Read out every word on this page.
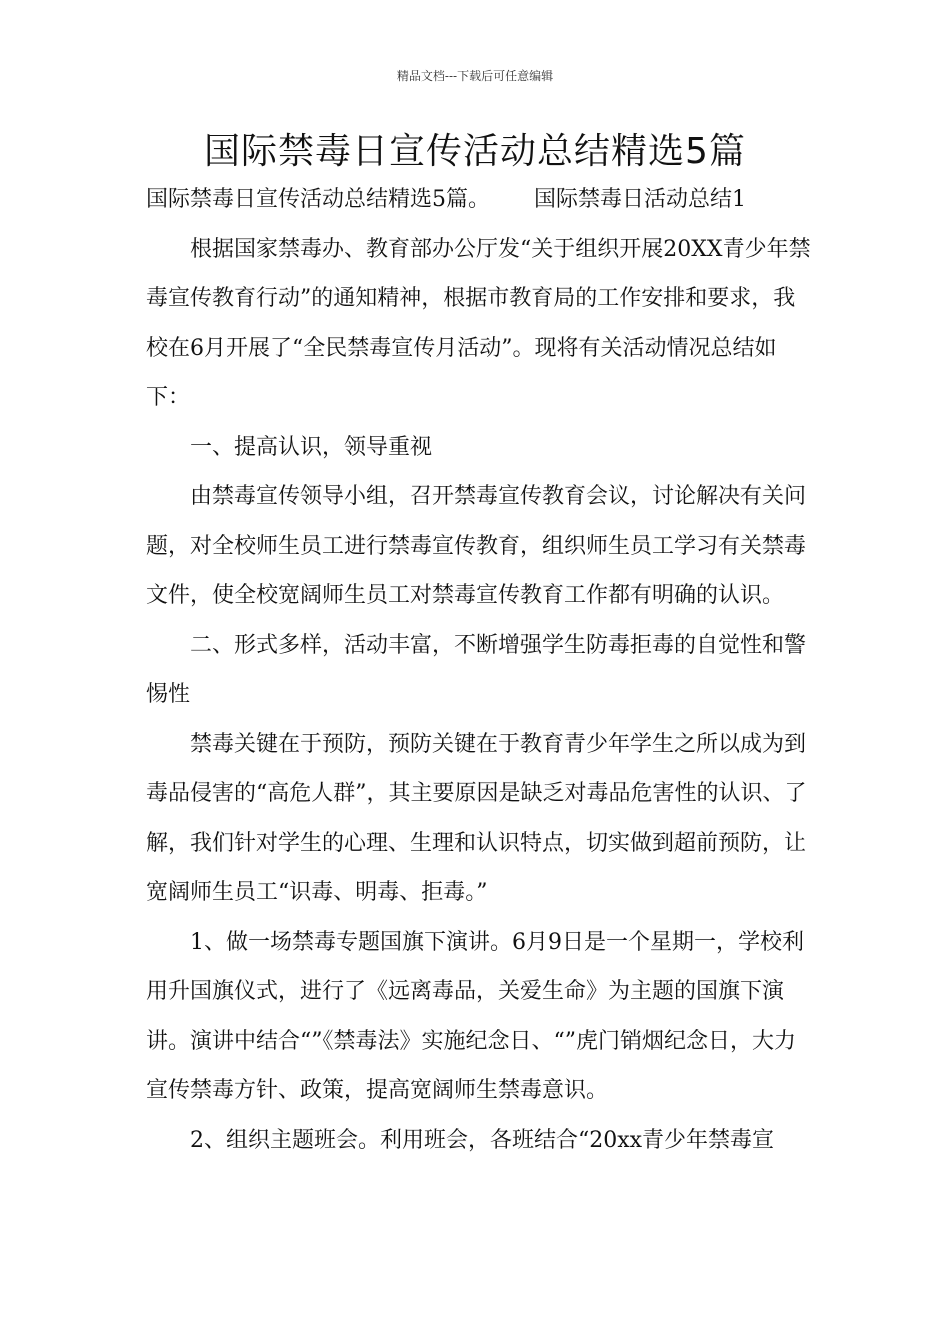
精品文档---下载后可任意编辑
国际禁毒日宣传活动总结精选5篇

国际禁毒日宣传活动总结精选5篇。 国际禁毒日活动总结1

根据国家禁毒办、教育部办公厅发“关于组织开展20XX青少年禁毒宣传教育行动”的通知精神，根据市教育局的工作安排和要求，我校在6月开展了“全民禁毒宣传月活动”。现将有关活动情况总结如下：

一、提高认识，领导重视

由禁毒宣传领导小组，召开禁毒宣传教育会议，讨论解决有关问题，对全校师生员工进行禁毒宣传教育，组织师生员工学习有关禁毒文件，使全校宽阔师生员工对禁毒宣传教育工作都有明确的认识。

二、形式多样，活动丰富，不断增强学生防毒拒毒的自觉性和警惕性

禁毒关键在于预防，预防关键在于教育青少年学生之所以成为到毒品侵害的“高危人群”，其主要原因是缺乏对毒品危害性的认识、了解，我们针对学生的心理、生理和认识特点，切实做到超前预防，让宽阔师生员工“识毒、明毒、拒毒。”

1、做一场禁毒专题国旗下演讲。6月9日是一个星期一，学校利用升国旗仪式，进行了《远离毒品，关爱生命》为主题的国旗下演讲。演讲中结合“”《禁毒法》实施纪念日、“”虎门销烟纪念日，大力宣传禁毒方针、政策，提高宽阔师生禁毒意识。

2、组织主题班会。利用班会，各班结合“20xx青少年禁毒宣
